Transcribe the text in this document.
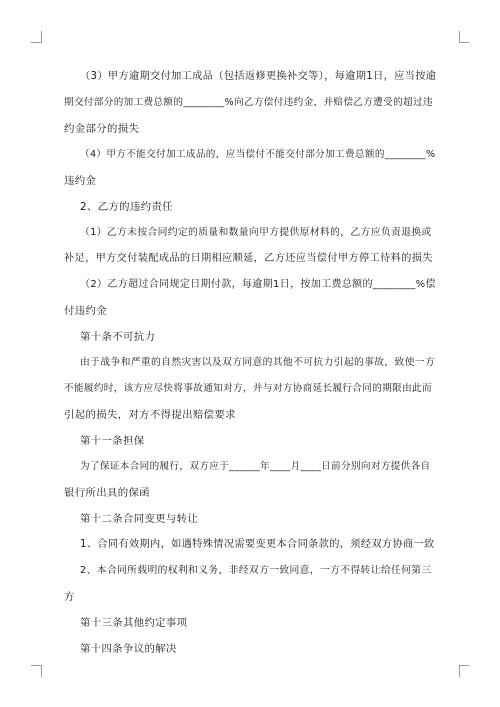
（3）甲方逾期交付加工成品（包括返修更换补交等），每逾期1日，应当按逾
期交付部分的加工费总额的________%向乙方偿付违约金，并赔偿乙方遭受的超过违
约金部分的损失
（4）甲方不能交付加工成品的，应当偿付不能交付部分加工费总额的________%
违约金
2、乙方的违约责任
（1）乙方未按合同约定的质量和数量向甲方提供原材料的，乙方应负责退换或
补足，甲方交付装配成品的日期相应顺延，乙方还应当偿付甲方停工待料的损失
（2）乙方超过合同规定日期付款，每逾期1日，按加工费总额的________%偿
付违约金
第十条不可抗力
由于战争和严重的自然灾害以及双方同意的其他不可抗力引起的事故，致使一方
不能履约时，该方应尽快将事故通知对方，并与对方协商延长履行合同的期限由此而
引起的损失，对方不得提出赔偿要求
第十一条担保
为了保证本合同的履行，双方应于______年____月____日前分别向对方提供各自
银行所出具的保函
第十二条合同变更与转让
1、合同有效期内，如遇特殊情况需要变更本合同条款的，须经双方协商一致
2、本合同所载明的权利和义务，非经双方一致同意，一方不得转让给任何第三
方
第十三条其他约定事项
第十四条争议的解决
